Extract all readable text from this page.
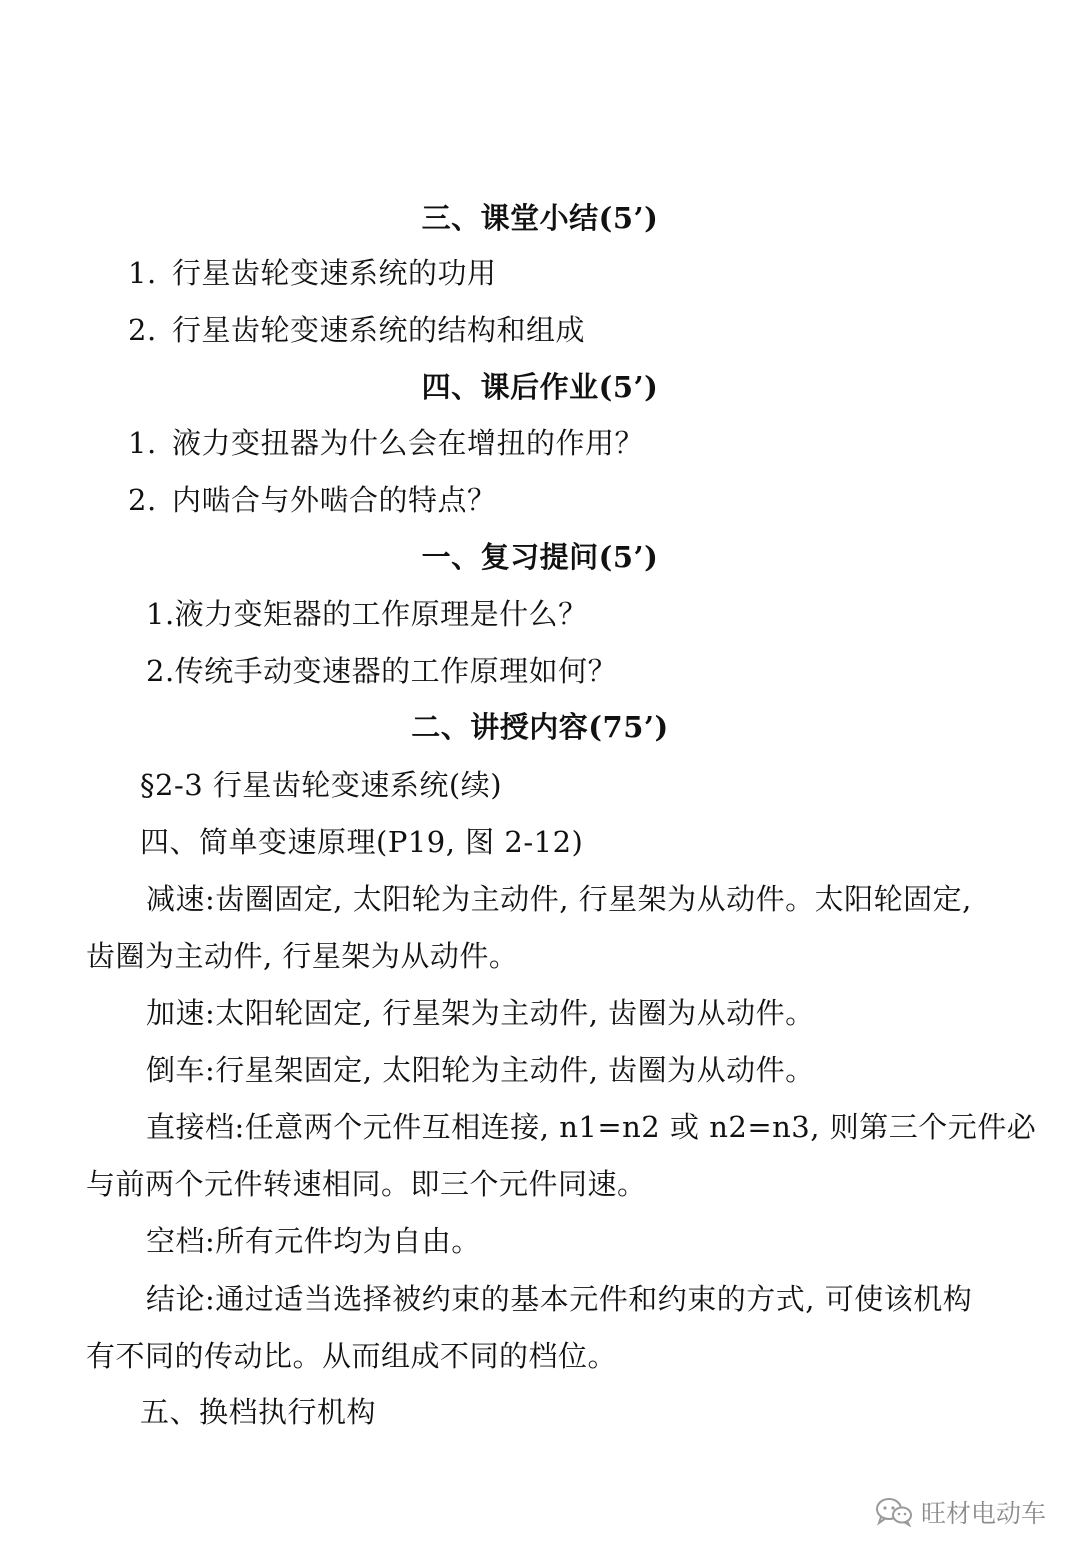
三、课堂小结(5’)
1. 行星齿轮变速系统的功用
2. 行星齿轮变速系统的结构和组成
四、课后作业(5’)
1. 液力变扭器为什么会在增扭的作用？
2. 内啮合与外啮合的特点？
一、复习提问(5’)
1.液力变矩器的工作原理是什么？
2.传统手动变速器的工作原理如何？
二、讲授内容(75’)
§2-3 行星齿轮变速系统(续)
四、简单变速原理(P19, 图 2-12)
减速:齿圈固定, 太阳轮为主动件, 行星架为从动件。太阳轮固定,
齿圈为主动件, 行星架为从动件。
加速:太阳轮固定, 行星架为主动件, 齿圈为从动件。
倒车:行星架固定, 太阳轮为主动件, 齿圈为从动件。
直接档:任意两个元件互相连接, n1=n2 或 n2=n3, 则第三个元件必
与前两个元件转速相同。即三个元件同速。
空档:所有元件均为自由。
结论:通过适当选择被约束的基本元件和约束的方式, 可使该机构
有不同的传动比。从而组成不同的档位。
五、换档执行机构
旺材电动车
